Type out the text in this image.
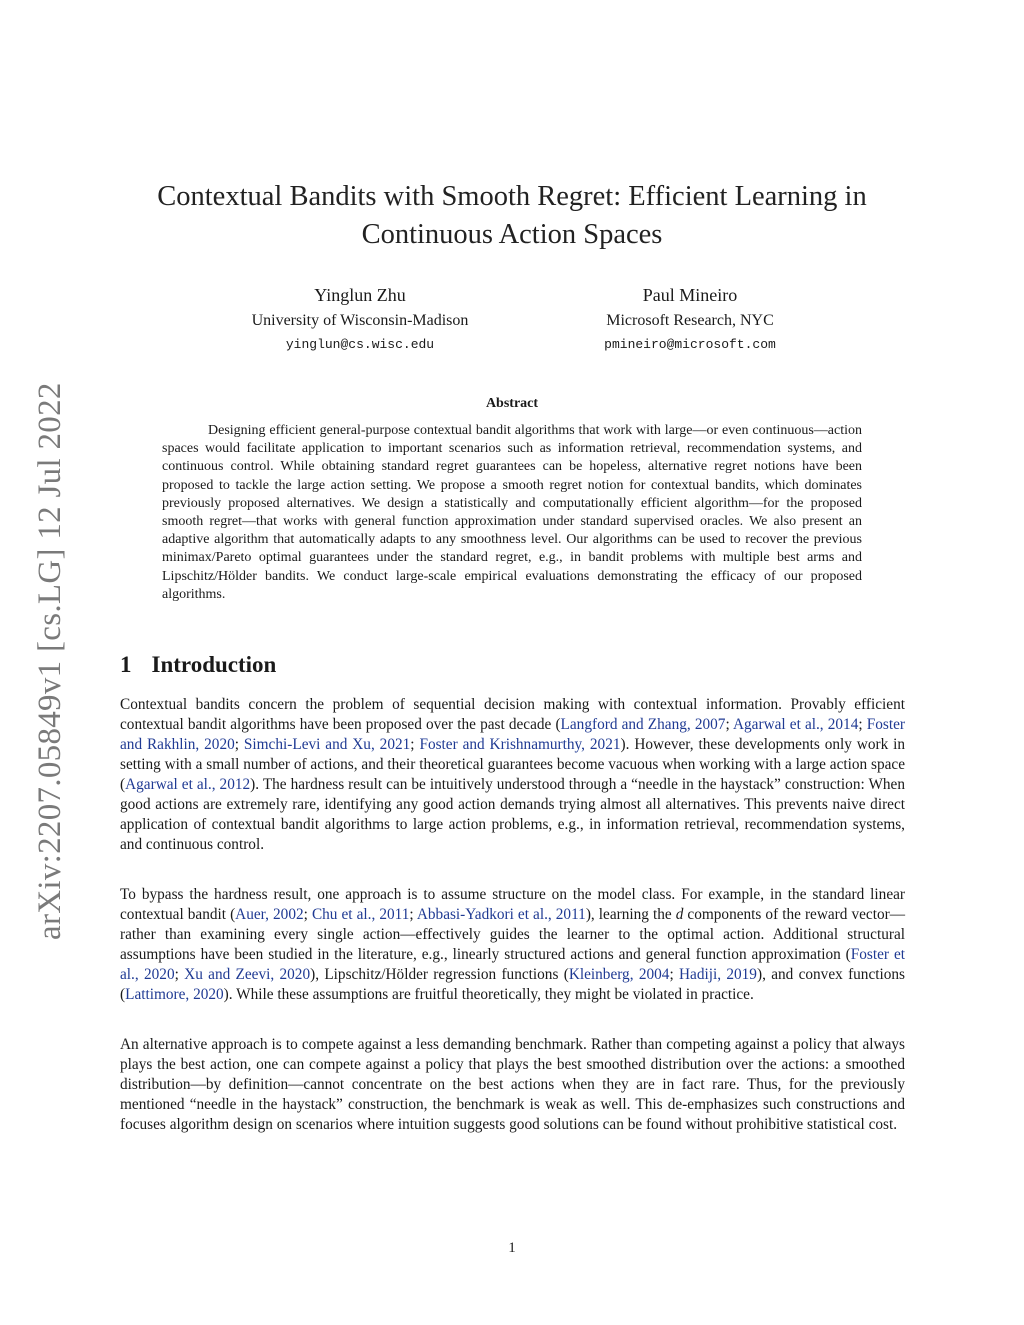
arXiv:2207.05849v1 [cs.LG] 12 Jul 2022
Contextual Bandits with Smooth Regret: Efficient Learning in Continuous Action Spaces
Yinglun Zhu
University of Wisconsin-Madison
yinglun@cs.wisc.edu
Paul Mineiro
Microsoft Research, NYC
pmineiro@microsoft.com
Abstract

Designing efficient general-purpose contextual bandit algorithms that work with large—or even continuous—action spaces would facilitate application to important scenarios such as information retrieval, recommendation systems, and continuous control. While obtaining standard regret guarantees can be hopeless, alternative regret notions have been proposed to tackle the large action setting. We propose a smooth regret notion for contextual bandits, which dominates previously proposed alternatives. We design a statistically and computationally efficient algorithm—for the proposed smooth regret—that works with general function approximation under standard supervised oracles. We also present an adaptive algorithm that automatically adapts to any smoothness level. Our algorithms can be used to recover the previous minimax/Pareto optimal guarantees under the standard regret, e.g., in bandit problems with multiple best arms and Lipschitz/Hölder bandits. We conduct large-scale empirical evaluations demonstrating the efficacy of our proposed algorithms.

1 Introduction

Contextual bandits concern the problem of sequential decision making with contextual information. Provably efficient contextual bandit algorithms have been proposed over the past decade (Langford and Zhang, 2007; Agarwal et al., 2014; Foster and Rakhlin, 2020; Simchi-Levi and Xu, 2021; Foster and Krishnamurthy, 2021). However, these developments only work in setting with a small number of actions, and their theoretical guarantees become vacuous when working with a large action space (Agarwal et al., 2012). The hardness result can be intuitively understood through a “needle in the haystack” construction: When good actions are extremely rare, identifying any good action demands trying almost all alternatives. This prevents naive direct application of contextual bandit algorithms to large action problems, e.g., in information retrieval, recommendation systems, and continuous control.

To bypass the hardness result, one approach is to assume structure on the model class. For example, in the standard linear contextual bandit (Auer, 2002; Chu et al., 2011; Abbasi-Yadkori et al., 2011), learning the d components of the reward vector—rather than examining every single action—effectively guides the learner to the optimal action. Additional structural assumptions have been studied in the literature, e.g., linearly structured actions and general function approximation (Foster et al., 2020; Xu and Zeevi, 2020), Lipschitz/Hölder regression functions (Kleinberg, 2004; Hadiji, 2019), and convex functions (Lattimore, 2020). While these assumptions are fruitful theoretically, they might be violated in practice.

An alternative approach is to compete against a less demanding benchmark. Rather than competing against a policy that always plays the best action, one can compete against a policy that plays the best smoothed distribution over the actions: a smoothed distribution—by definition—cannot concentrate on the best actions when they are in fact rare. Thus, for the previously mentioned “needle in the haystack” construction, the benchmark is weak as well. This de-emphasizes such constructions and focuses algorithm design on scenarios where intuition suggests good solutions can be found without prohibitive statistical cost.

1
